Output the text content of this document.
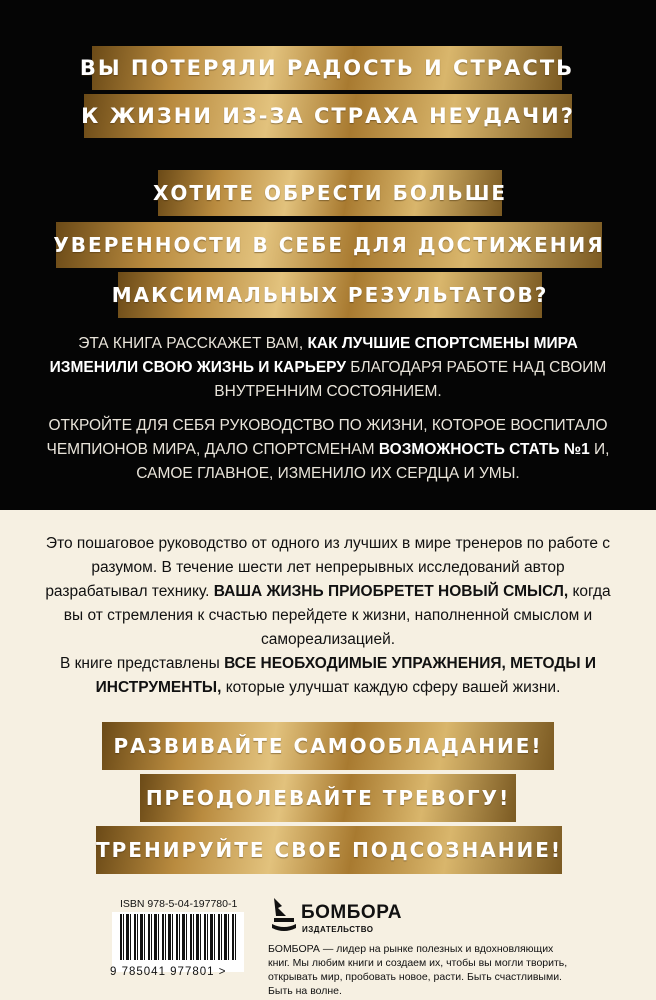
ВЫ ПОТЕРЯЛИ РАДОСТЬ И СТРАСТЬ
К ЖИЗНИ ИЗ-ЗА СТРАХА НЕУДАЧИ?
ХОТИТЕ ОБРЕСТИ БОЛЬШЕ
УВЕРЕННОСТИ В СЕБЕ ДЛЯ ДОСТИЖЕНИЯ
МАКСИМАЛЬНЫХ РЕЗУЛЬТАТОВ?
ЭТА КНИГА РАССКАЖЕТ ВАМ, КАК ЛУЧШИЕ СПОРТСМЕНЫ МИРА ИЗМЕНИЛИ СВОЮ ЖИЗНЬ И КАРЬЕРУ БЛАГОДАРЯ РАБОТЕ НАД СВОИМ ВНУТРЕННИМ СОСТОЯНИЕМ.
ОТКРОЙТЕ ДЛЯ СЕБЯ РУКОВОДСТВО ПО ЖИЗНИ, КОТОРОЕ ВОСПИТАЛО ЧЕМПИОНОВ МИРА, ДАЛО СПОРТСМЕНАМ ВОЗМОЖНОСТЬ СТАТЬ №1 И, САМОЕ ГЛАВНОЕ, ИЗМЕНИЛО ИХ СЕРДЦА И УМЫ.
Это пошаговое руководство от одного из лучших в мире тренеров по работе с разумом. В течение шести лет непрерывных исследований автор разрабатывал технику. ВАША ЖИЗНЬ ПРИОБРЕТЕТ НОВЫЙ СМЫСЛ, когда вы от стремления к счастью перейдете к жизни, наполненной смыслом и самореализацией.
В книге представлены ВСЕ НЕОБХОДИМЫЕ УПРАЖНЕНИЯ, МЕТОДЫ И ИНСТРУМЕНТЫ, которые улучшат каждую сферу вашей жизни.
РАЗВИВАЙТЕ САМООБЛАДАНИЕ!
ПРЕОДОЛЕВАЙТЕ ТРЕВОГУ!
ТРЕНИРУЙТЕ СВОЕ ПОДСОЗНАНИЕ!
ISBN 978-5-04-197780-1
9 785041 977801 >
БОМБОРА
ИЗДАТЕЛЬСТВО
БОМБОРА — лидер на рынке полезных и вдохновляющих книг. Мы любим книги и создаем их, чтобы вы могли творить, открывать мир, пробовать новое, расти. Быть счастливыми. Быть на волне.
